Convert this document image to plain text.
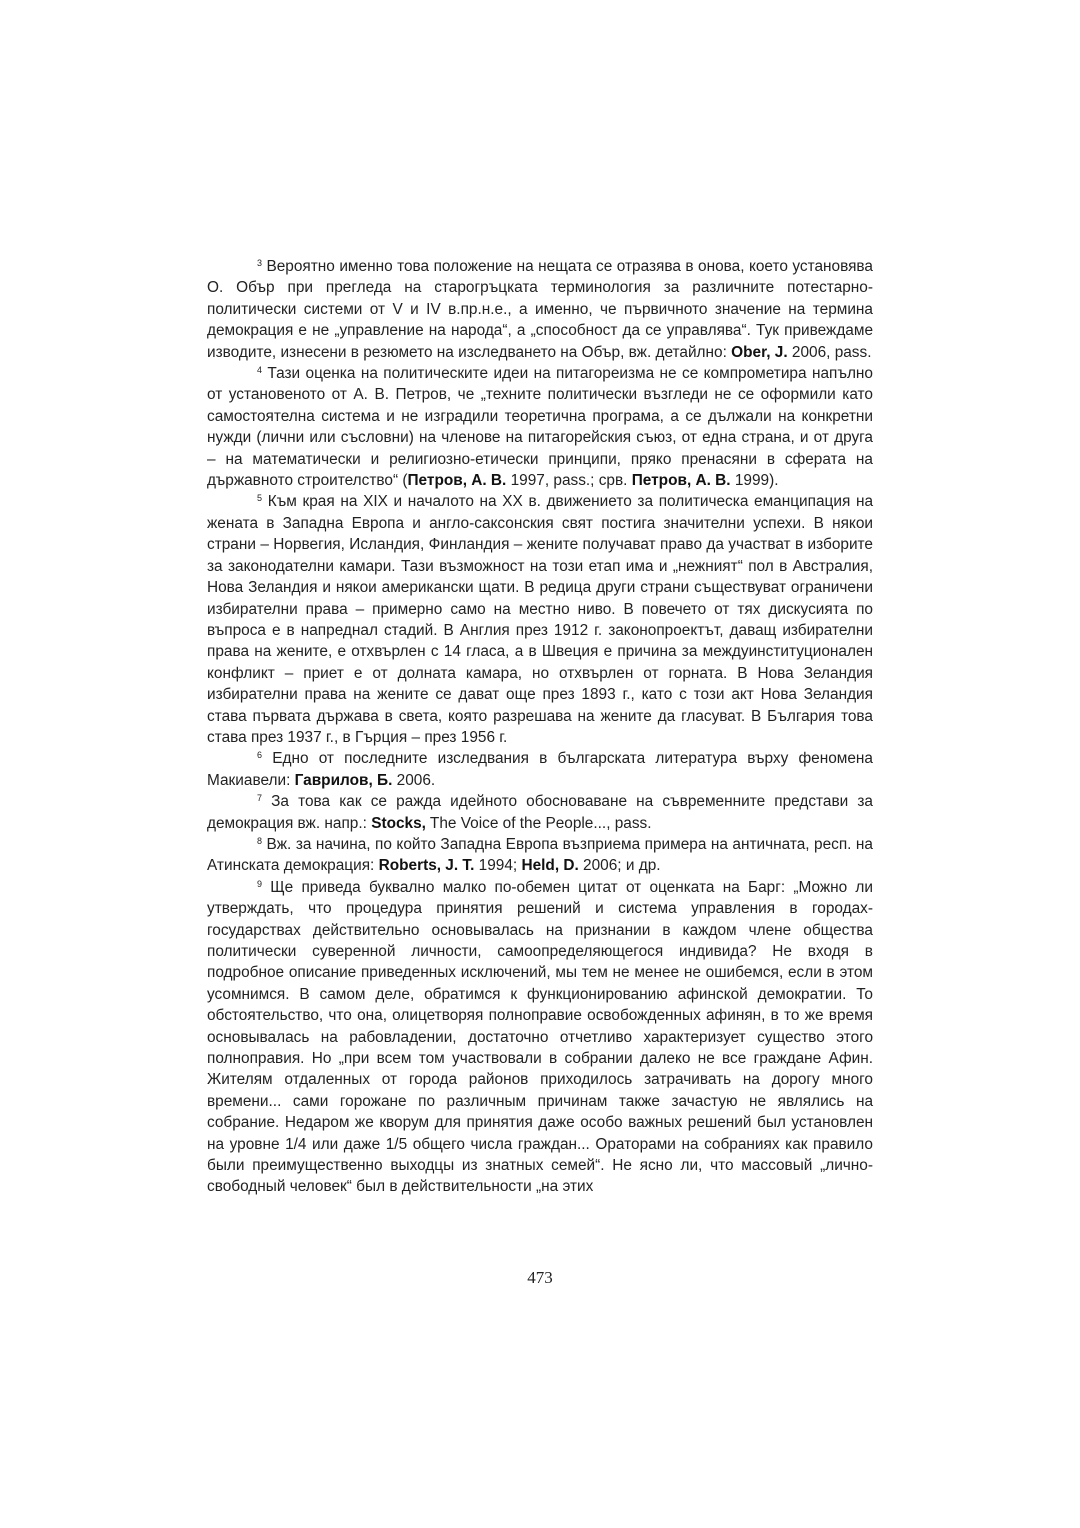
$^3$ Вероятно именно това положение на нещата се отразява в онова, което установява О. Обър при прегледа на старогръцката терминология за различните потестарно-политически системи от V и IV в.пр.н.е., а именно, че първичното значение на термина демокрация е не „управление на народа“, а „способност да се управлява“. Тук привеждаме изводите, изнесени в резюмето на изследването на Обър, вж. детайлно: Ober, J. 2006, pass.

$^4$ Тази оценка на политическите идеи на питагореизма не се компрометира напълно от установеното от А. В. Петров, че „техните политически възгледи не се оформили като самостоятелна система и не изградили теоретична програма, а се дължали на конкретни нужди (лични или съсловни) на членове на питагорейския съюз, от една страна, и от друга – на математически и религиозно-етически принципи, пряко пренасяни в сферата на държавното строителство“ (Петров, А. В. 1997, pass.; срв. Петров, А. В. 1999).

$^5$ Към края на XIX и началото на XX в. движението за политическа еманципация на жената в Западна Европа и англо-саксонския свят постига значителни успехи. В някои страни – Норвегия, Исландия, Финландия – жените получават право да участват в изборите за законодателни камари. Тази възможност на този етап има и „нежният“ пол в Австралия, Нова Зеландия и някои американски щати. В редица други страни съществуват ограничени избирателни права – примерно само на местно ниво. В повечето от тях дискусията по въпроса е в напреднал стадий. В Англия през 1912 г. законопроектът, даващ избирателни права на жените, е отхвърлен с 14 гласа, а в Швеция е причина за междуинституционален конфликт – приет е от долната камара, но отхвърлен от горната. В Нова Зеландия избирателни права на жените се дават още през 1893 г., като с този акт Нова Зеландия става първата държава в света, която разрешава на жените да гласуват. В България това става през 1937 г., в Гърция – през 1956 г.

$^6$ Едно от последните изследвания в българската литература върху феномена Макиавели: Гаврилов, Б. 2006.

$^7$ За това как се ражда идейното обосноваване на съвременните представи за демокрация вж. напр.: Stocks, The Voice of the People..., pass.

$^8$ Вж. за начина, по който Западна Европа възприема примера на античната, респ. на Атинската демокрация: Roberts, J. T. 1994; Held, D. 2006; и др.

$^9$ Ще приведа буквално малко по-обемен цитат от оценката на Барг: „Можно ли утверждать, что процедура принятия решений и система управления в городах-государствах действительно основывалась на признании в каждом члене общества политически суверенной личности, самоопределяющегося индивида? Не входя в подробное описание приведенных исключений, мы тем не менее не ошибемся, если в этом усомнимся. В самом деле, обратимся к функционированию афинской демократии. То обстоятельство, что она, олицетворяя полноправие освобожденных афинян, в то же время основывалась на рабовладении, достаточно отчетливо характеризует существо этого полноправия. Но „при всем том участвовали в собрании далеко не все граждане Афин. Жителям отдаленных от города районов приходилось затрачивать на дорогу много времени... сами горожане по различным причинам также зачастую не являлись на собрание. Недаром же кворум для принятия даже особо важных решений был установлен на уровне 1/4 или даже 1/5 общего числа граждан... Ораторами на собраниях как правило были преимущественно выходцы из знатных семей“. Не ясно ли, что массовый „лично-свободный человек“ был в действительности „на этих

473
